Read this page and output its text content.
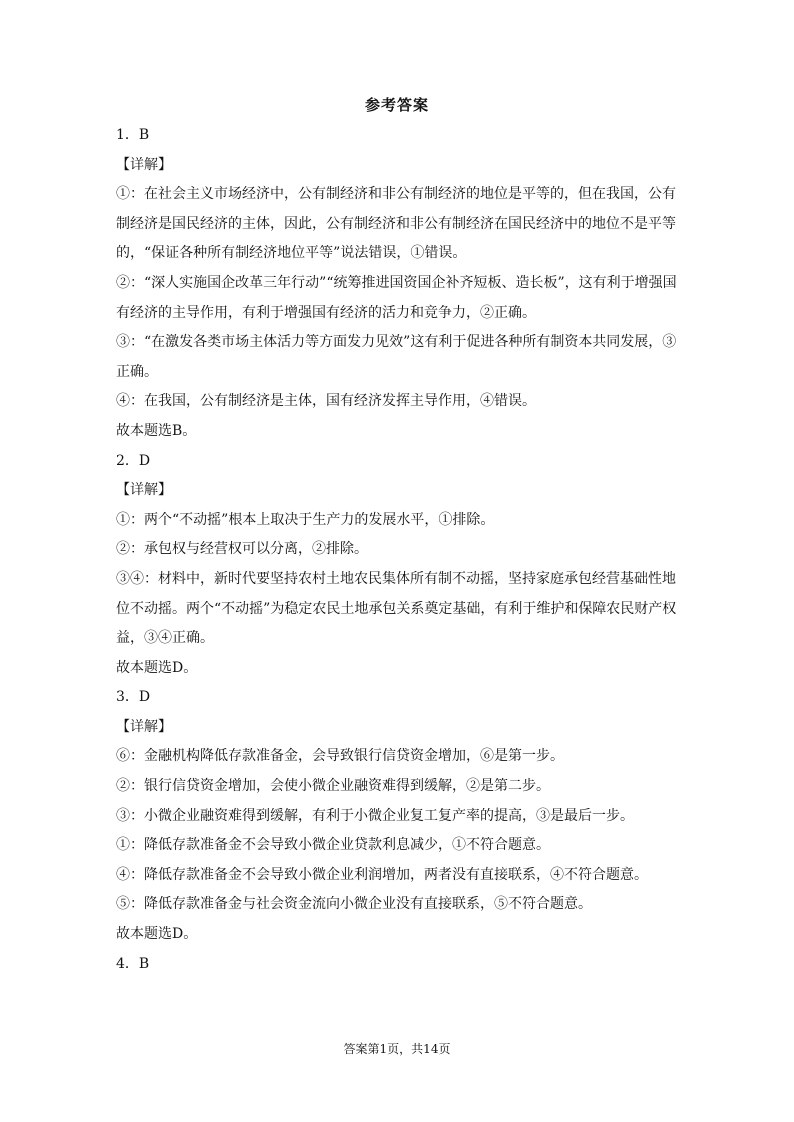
参考答案
1．B
【详解】
①：在社会主义市场经济中，公有制经济和非公有制经济的地位是平等的，但在我国，公有
制经济是国民经济的主体，因此，公有制经济和非公有制经济在国民经济中的地位不是平等
的，“保证各种所有制经济地位平等”说法错误，①错误。
②：“深人实施国企改革三年行动”“统筹推进国资国企补齐短板、造长板”，这有利于增强国
有经济的主导作用，有利于增强国有经济的活力和竞争力，②正确。
③：“在激发各类市场主体活力等方面发力见效”这有利于促进各种所有制资本共同发展，③
正确。
④：在我国，公有制经济是主体，国有经济发挥主导作用，④错误。
故本题选B。
2．D
【详解】
①：两个“不动摇”根本上取决于生产力的发展水平，①排除。
②：承包权与经营权可以分离，②排除。
③④：材料中，新时代要坚持农村土地农民集体所有制不动摇，坚持家庭承包经营基础性地
位不动摇。两个“不动摇”为稳定农民土地承包关系奠定基础，有利于维护和保障农民财产权
益，③④正确。
故本题选D。
3．D
【详解】
⑥：金融机构降低存款准备金，会导致银行信贷资金增加，⑥是第一步。
②：银行信贷资金增加，会使小微企业融资难得到缓解，②是第二步。
③：小微企业融资难得到缓解，有利于小微企业复工复产率的提高，③是最后一步。
①：降低存款准备金不会导致小微企业贷款利息减少，①不符合题意。
④：降低存款准备金不会导致小微企业利润增加，两者没有直接联系，④不符合题意。
⑤：降低存款准备金与社会资金流向小微企业没有直接联系，⑤不符合题意。
故本题选D。
4．B
答案第1页，共14页
